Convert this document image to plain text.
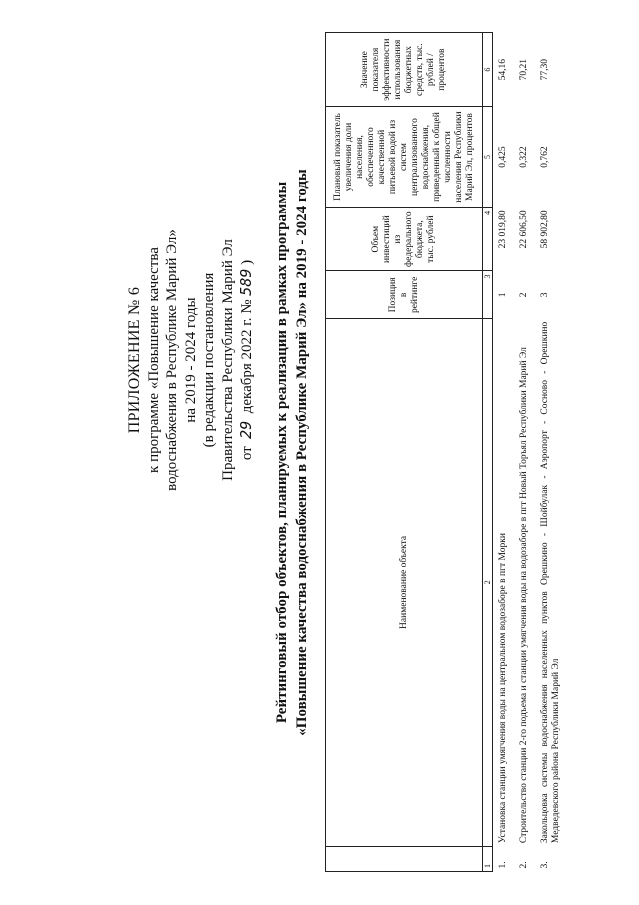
ПРИЛОЖЕНИЕ № 6 к программе «Повышение качества водоснабжения в Республике Марий Эл» на 2019 - 2024 годы (в редакции постановления Правительства Республики Марий Эл от  29  декабря 2022 г. № 589 ) Рейтинговый отбор объектов, планируемых к реализации в рамках программы «Повышение качества водоснабжения в Республике Марий Эл» на 2019 - 2024 годы
		Наименование объекта	Позиция в рейтинге	Объем инвестиций из федерального бюджета, тыс. рублей	Плановый показатель увеличения доли населения, обеспеченного качественной питьевой водой из систем централизованного водоснабжения, приведенный к общей численности населения Республики Марий Эл, процентов	Значение показателя эффективности использования бюджетных средств, тыс. рублей / процентов
1	2	3	4	5	6
1.	Установка станции умягчения воды на центральном водозаборе в пгт Морки	1	23 019,80	0,425	54,16
2.	Строительство станции 2-го подъема и станции умягчения воды на водозаборе в пгт Новый Торъял Республики Марий Эл	2	22 606,50	0,322	70,21
3.	Закольцовка системы водоснабжения населенных пунктов Орешкино - Шойбулак - Аэропорт - Сосново - Орешкино Медведевского района Республики Марий Эл	3	58 902,80	0,762	77,30
